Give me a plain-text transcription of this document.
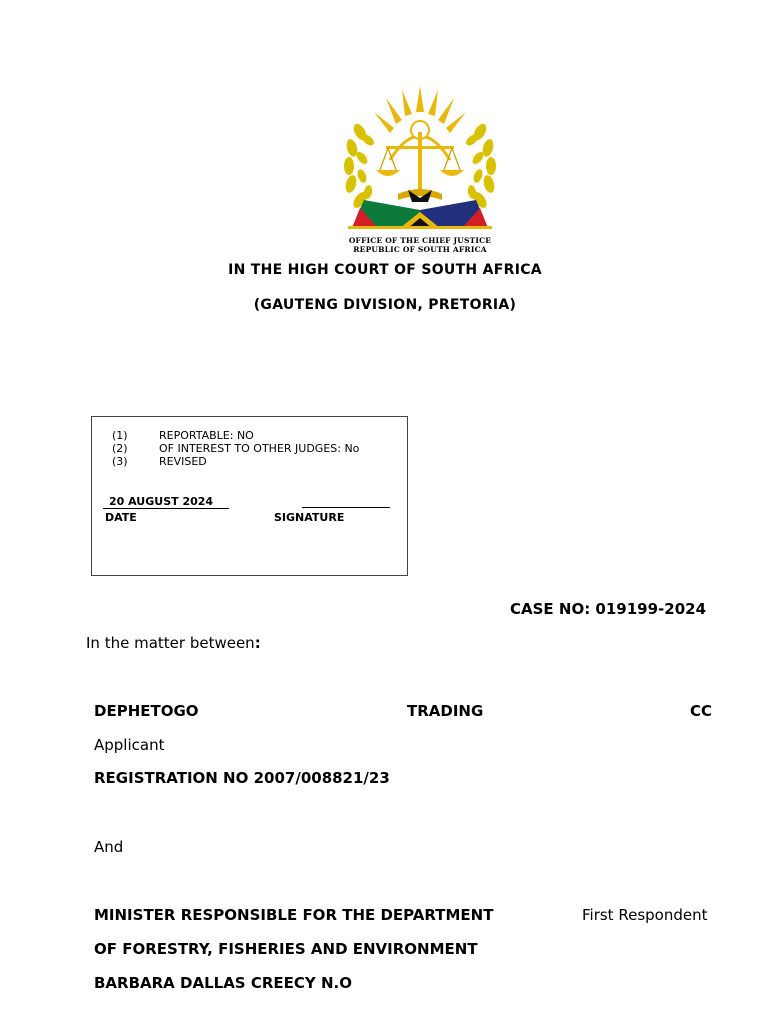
OFFICE OF THE CHIEF JUSTICE
REPUBLIC OF SOUTH AFRICA
IN THE HIGH COURT OF SOUTH AFRICA
(GAUTENG DIVISION, PRETORIA)
(1)	REPORTABLE: NO
(2)	OF INTEREST TO OTHER JUDGES: No
(3)	REVISED
20 AUGUST 2024
DATE	SIGNATURE
CASE NO: 019199-2024
In the matter between:
DEPHETOGO	TRADING	CC
Applicant
REGISTRATION NO 2007/008821/23
And
MINISTER RESPONSIBLE FOR THE DEPARTMENT	First Respondent
OF FORESTRY, FISHERIES AND ENVIRONMENT
BARBARA DALLAS CREECY N.O
